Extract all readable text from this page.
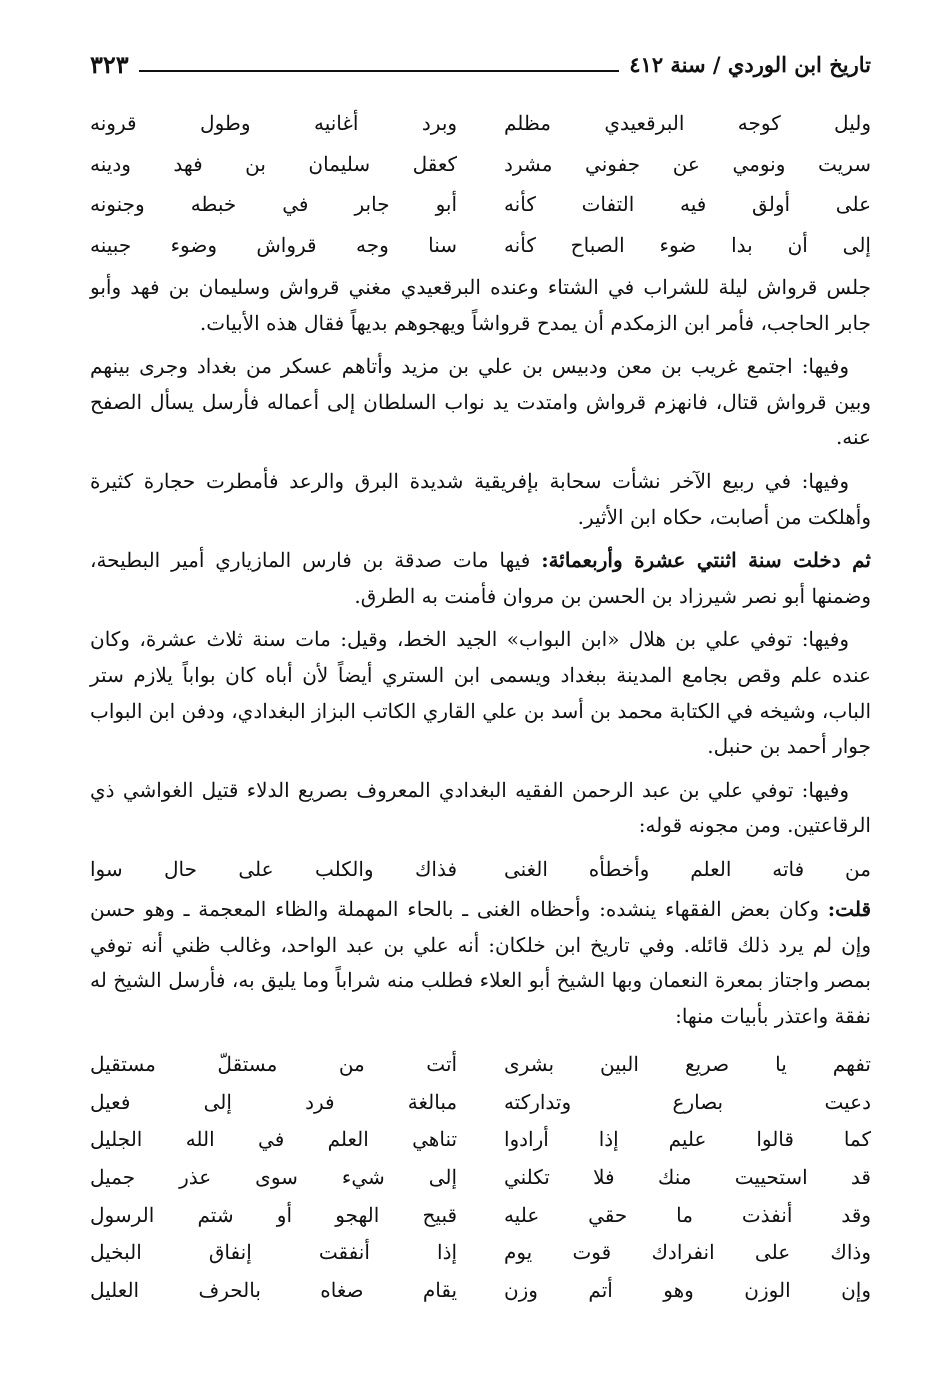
تاريخ ابن الوردي / سنة ٤١٢
٣٢٣
وليل كوجه البرقعيدي مظلم
وبرد أغانيه وطول قرونه
سريت ونومي عن جفوني مشرد
كعقل سليمان بن فهد ودينه
على أولق فيه التفات كأنه
أبو جابر في خبطه وجنونه
إلى أن بدا ضوء الصباح كأنه
سنا وجه قرواش وضوء جبينه

جلس قرواش ليلة للشراب في الشتاء وعنده البرقعيدي مغني قرواش وسليمان بن فهد وأبو جابر الحاجب، فأمر ابن الزمكدم أن يمدح قرواشاً ويهجوهم بديهاً فقال هذه الأبيات.

وفيها: اجتمع غريب بن معن ودبيس بن علي بن مزيد وأتاهم عسكر من بغداد وجرى بينهم وبين قرواش قتال، فانهزم قرواش وامتدت يد نواب السلطان إلى أعماله فأرسل يسأل الصفح عنه.

وفيها: في ربيع الآخر نشأت سحابة بإفريقية شديدة البرق والرعد فأمطرت حجارة كثيرة وأهلكت من أصابت، حكاه ابن الأثير.

ثم دخلت سنة اثنتي عشرة وأربعمائة: فيها مات صدقة بن فارس المازياري أمير البطيحة، وضمنها أبو نصر شيرزاد بن الحسن بن مروان فأمنت به الطرق.

وفيها: توفي علي بن هلال «ابن البواب» الجيد الخط، وقيل: مات سنة ثلاث عشرة، وكان عنده علم وقص بجامع المدينة ببغداد ويسمى ابن الستري أيضاً لأن أباه كان بواباً يلازم ستر الباب، وشيخه في الكتابة محمد بن أسد بن علي القاري الكاتب البزاز البغدادي، ودفن ابن البواب جوار أحمد بن حنبل.

وفيها: توفي علي بن عبد الرحمن الفقيه البغدادي المعروف بصريع الدلاء قتيل الغواشي ذي الرقاعتين. ومن مجونه قوله:

من فاته العلم وأخطأه الغنى
فذاك والكلب على حال سوا

قلت: وكان بعض الفقهاء ينشده: وأحظاه الغنى ـ بالحاء المهملة والظاء المعجمة ـ وهو حسن وإن لم يرد ذلك قائله. وفي تاريخ ابن خلكان: أنه علي بن عبد الواحد، وغالب ظني أنه توفي بمصر واجتاز بمعرة النعمان وبها الشيخ أبو العلاء فطلب منه شراباً وما يليق به، فأرسل الشيخ له نفقة واعتذر بأبيات منها:

تفهم يا صريع البين بشرى
أتت من مستقلّ مستقيل
دعيت بصارع وتداركته
مبالغة فرد إلى فعيل
كما قالوا عليم إذا أرادوا
تناهي العلم في الله الجليل
قد استحييت منك فلا تكلني
إلى شيء سوى عذر جميل
وقد أنفذت ما حقي عليه
قبيح الهجو أو شتم الرسول
وذاك على انفرادك قوت يوم
إذا أنفقت إنفاق البخيل
وإن الوزن وهو أتم وزن
يقام صغاه بالحرف العليل
